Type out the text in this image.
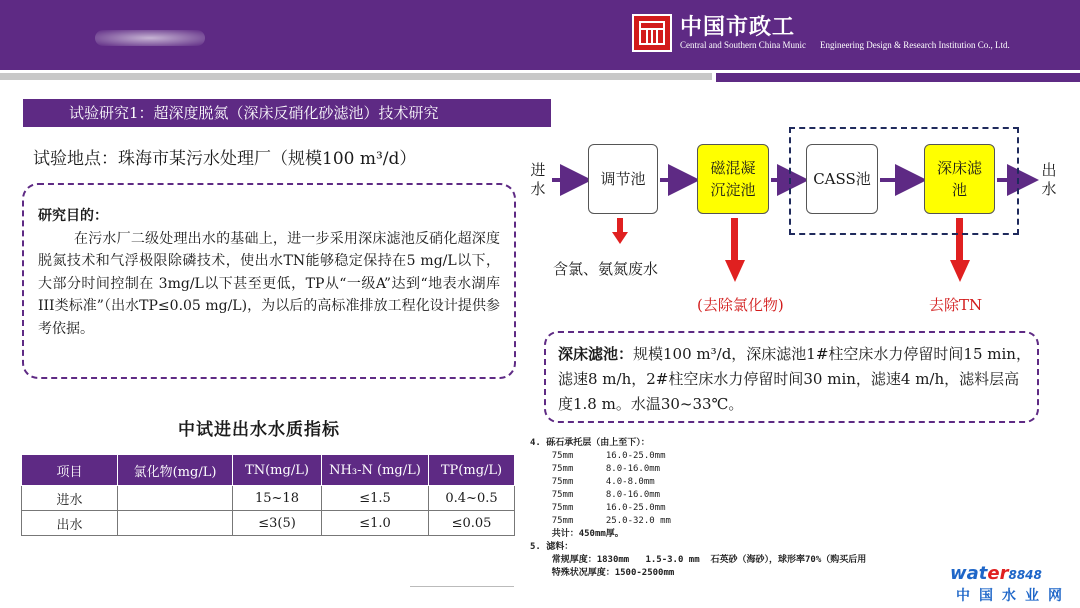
中国市政工
Central and Southern China Munic Engineering Design & Research Institution Co., Ltd.
试验研究1：超深度脱氮（深床反硝化砂滤池）技术研究
试验地点：珠海市某污水处理厂（规模100 m³/d）
研究目的：
在污水厂二级处理出水的基础上，进一步采用深床滤池反硝化超深度脱氮技术和气浮极限除磷技术，使出水TN能够稳定保持在5 mg/L以下，大部分时间控制在 3mg/L以下甚至更低，TP从“一级A”达到“地表水湖库III类标准”（出水TP≤0.05 mg/L)，为以后的高标准排放工程化设计提供参考依据。
中试进出水水质指标
项目	氯化物(mg/L)	TN(mg/L)	NH₃-N (mg/L)	TP(mg/L)
进水		15~18	≤1.5	0.4~0.5
出水		≤3(5)	≤1.0	≤0.05
进水
出水
调节池
磁混凝沉淀池
CASS池
深床滤池
含氯、氨氮废水
(去除氯化物)	去除TN
深床滤池：规模100 m³/d，深床滤池1#柱空床水力停留时间15 min，滤速8 m/h，2#柱空床水力停留时间30 min，滤速4 m/h，滤料层高度1.8 m。水温30~33℃。
4. 砾石承托层（由上至下）：
75mm	16.0-25.0mm
75mm	8.0-16.0mm
75mm	4.0-8.0mm
75mm	8.0-16.0mm
75mm	16.0-25.0mm
75mm	25.0-32.0 mm
共计：450mm厚。
5. 滤料：
常规厚度：1830mm   1.5-3.0 mm  石英砂（海砂），球形率70%（购买后用
特殊状况厚度：1500-2500mm	water8848
中国水业网
